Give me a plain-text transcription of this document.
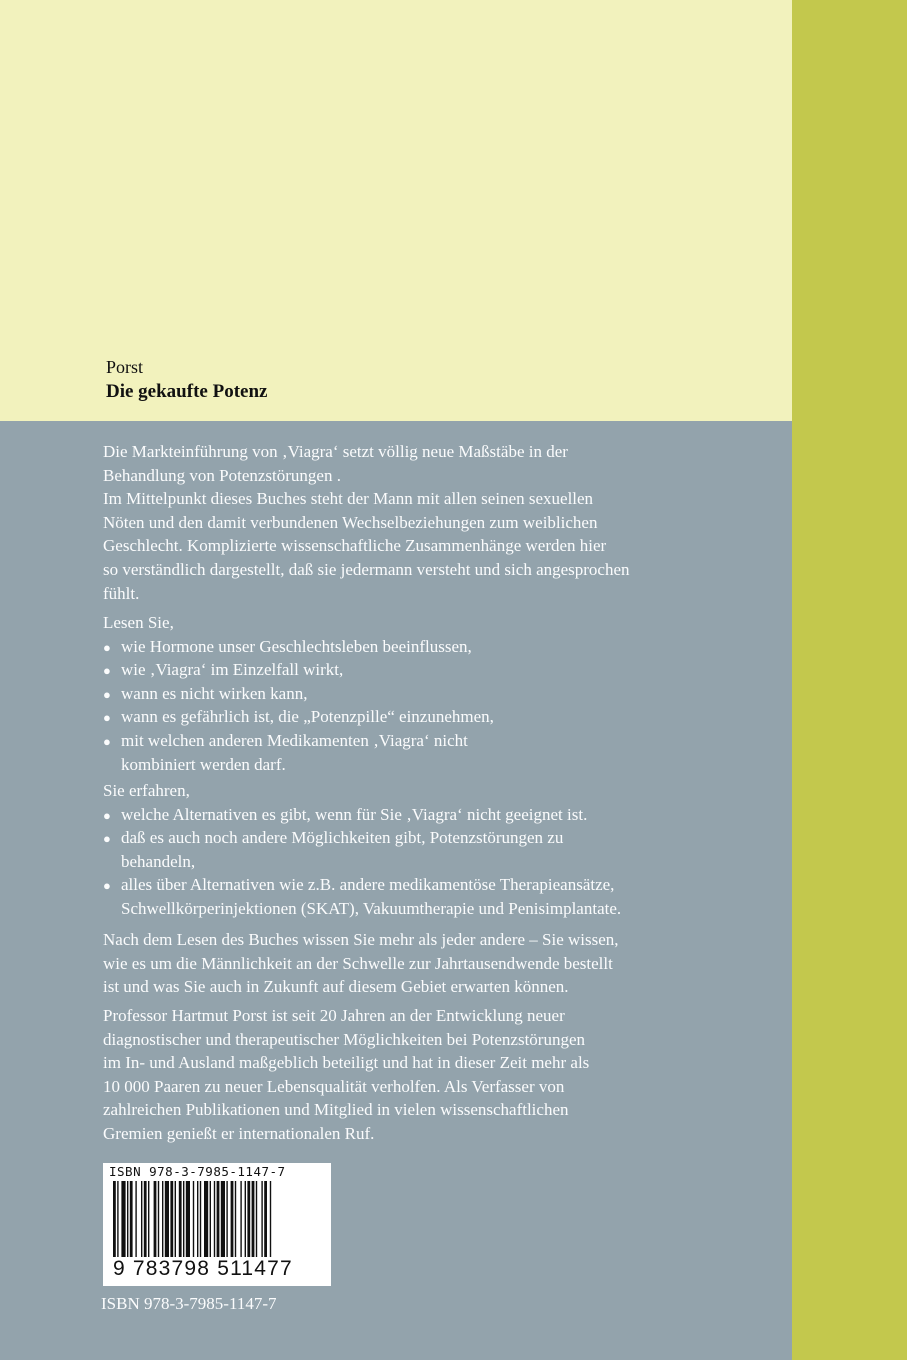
Porst
Die gekaufte Potenz
Die Markteinführung von ‚Viagra‘ setzt völlig neue Maßstäbe in der
Behandlung von Potenzstörungen .
Im Mittelpunkt dieses Buches steht der Mann mit allen seinen sexuellen
Nöten und den damit verbundenen Wechselbeziehungen zum weiblichen
Geschlecht. Komplizierte wissenschaftliche Zusammenhänge werden hier
so verständlich dargestellt, daß sie jedermann versteht und sich angesprochen
fühlt.
Lesen Sie,
● wie Hormone unser Geschlechtsleben beeinflussen,
● wie ‚Viagra‘ im Einzelfall wirkt,
● wann es nicht wirken kann,
● wann es gefährlich ist, die „Potenzpille“ einzunehmen,
● mit welchen anderen Medikamenten ‚Viagra‘ nicht kombiniert werden darf.
Sie erfahren,
● welche Alternativen es gibt, wenn für Sie ‚Viagra‘ nicht geeignet ist.
● daß es auch noch andere Möglichkeiten gibt, Potenzstörungen zu behandeln,
● alles über Alternativen wie z.B. andere medikamentöse Therapieansätze, Schwellkörperinjektionen (SKAT), Vakuumtherapie und Penisimplantate.
Nach dem Lesen des Buches wissen Sie mehr als jeder andere – Sie wissen,
wie es um die Männlichkeit an der Schwelle zur Jahrtausendwende bestellt
ist und was Sie auch in Zukunft auf diesem Gebiet erwarten können.
Professor Hartmut Porst ist seit 20 Jahren an der Entwicklung neuer
diagnostischer und therapeutischer Möglichkeiten bei Potenzstörungen
im In- und Ausland maßgeblich beteiligt und hat in dieser Zeit mehr als
10 000 Paaren zu neuer Lebensqualität verholfen. Als Verfasser von
zahlreichen Publikationen und Mitglied in vielen wissenschaftlichen
Gremien genießt er internationalen Ruf.
ISBN 978-3-7985-1147-7
9 783798 511477
ISBN 978-3-7985-1147-7
